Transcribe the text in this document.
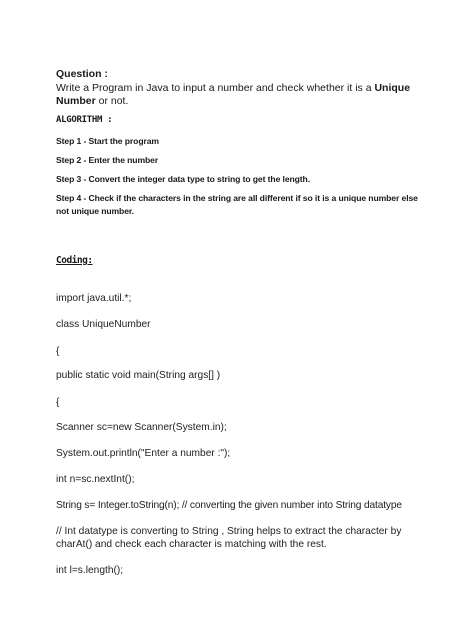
Question :
Write a Program in Java to input a number and check whether it is a Unique Number or not.
ALGORITHM :
Step 1 - Start the program
Step 2 - Enter the number
Step 3 - Convert the integer data type to string to get the length.
Step 4 - Check if the characters in the string are all different if so it is a unique number else not unique number.
Coding:
import java.util.*;
class UniqueNumber
{
public static void main(String args[] )
{
Scanner sc=new Scanner(System.in);
System.out.println("Enter a number :");
int n=sc.nextInt();
String s= Integer.toString(n); // converting the given number into String datatype
// Int datatype is converting to String , String helps to extract the character by charAt() and check each character is matching with the rest.
int l=s.length();
